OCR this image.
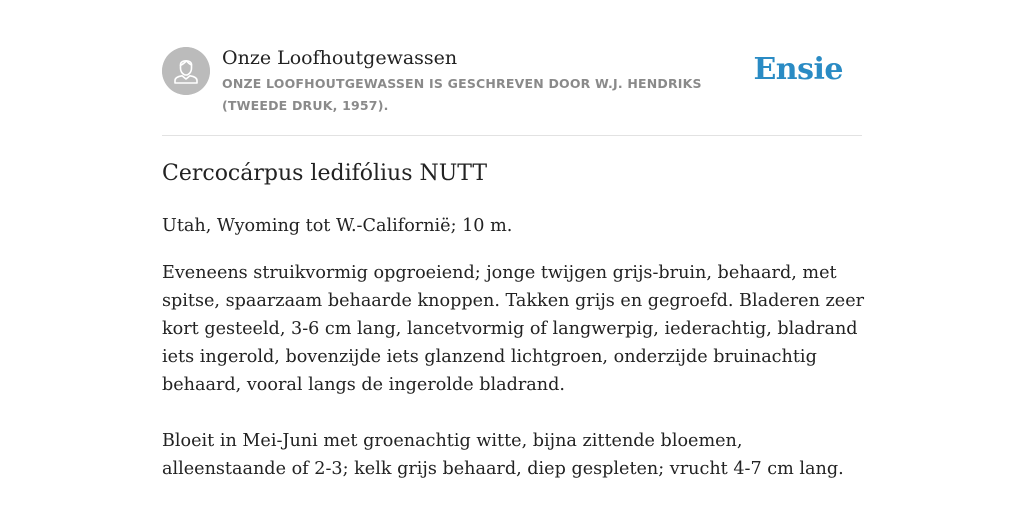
Onze Loofhoutgewassen
ONZE LOOFHOUTGEWASSEN IS GESCHREVEN DOOR W.J. HENDRIKS (TWEEDE DRUK, 1957).
Ensie
Cercocárpus ledifólius NUTT

Utah, Wyoming tot W.-Californië; 10 m.

Eveneens struikvormig opgroeiend; jonge twijgen grijs-bruin, behaard, met spitse, spaarzaam behaarde knoppen. Takken grijs en gegroefd. Bladeren zeer kort gesteeld, 3-6 cm lang, lancetvormig of langwerpig, iederachtig, bladrand iets ingerold, bovenzijde iets glanzend lichtgroen, onderzijde bruinachtig behaard, vooral langs de ingerolde bladrand.

Bloeit in Mei-Juni met groenachtig witte, bijna zittende bloemen, alleenstaande of 2-3; kelk grijs behaard, diep gespleten; vrucht 4-7 cm lang.
